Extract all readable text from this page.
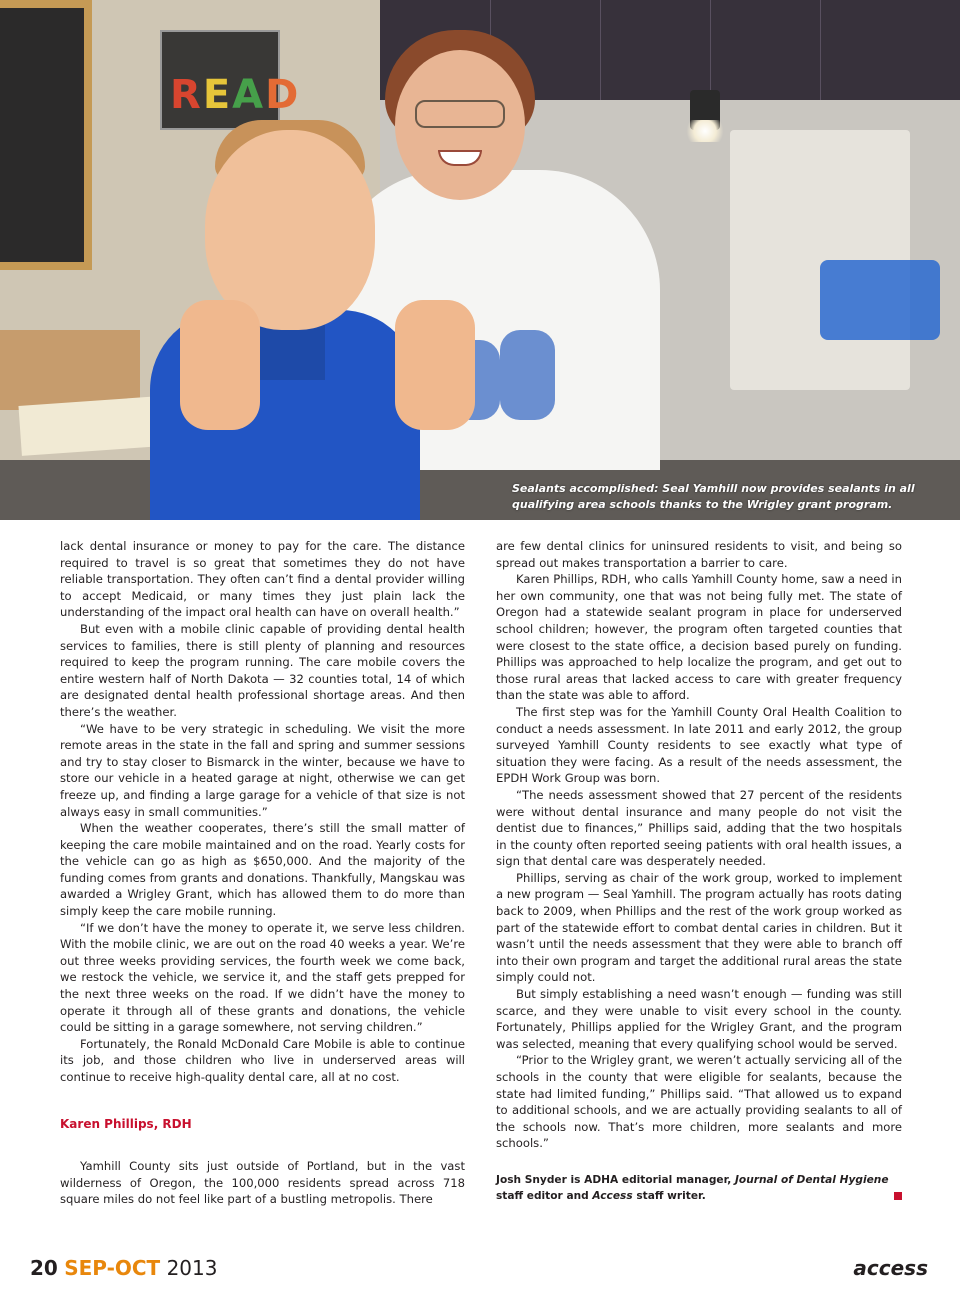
READ
Sealants accomplished: Seal Yamhill now provides sealants in all qualifying area schools thanks to the Wrigley grant program.

lack dental insurance or money to pay for the care. The distance required to travel is so great that sometimes they do not have reliable transportation. They often can’t find a dental provider willing to accept Medicaid, or many times they just plain lack the understanding of the impact oral health can have on overall health.”

But even with a mobile clinic capable of providing dental health services to families, there is still plenty of planning and resources required to keep the program running. The care mobile covers the entire western half of North Dakota — 32 counties total, 14 of which are designated dental health professional shortage areas. And then there’s the weather.

“We have to be very strategic in scheduling. We visit the more remote areas in the state in the fall and spring and summer sessions and try to stay closer to Bismarck in the winter, because we have to store our vehicle in a heated garage at night, otherwise we can get freeze up, and finding a large garage for a vehicle of that size is not always easy in small communities.”

When the weather cooperates, there’s still the small matter of keeping the care mobile maintained and on the road. Yearly costs for the vehicle can go as high as $650,000. And the majority of the funding comes from grants and donations. Thankfully, Mangskau was awarded a Wrigley Grant, which has allowed them to do more than simply keep the care mobile running.

“If we don’t have the money to operate it, we serve less children. With the mobile clinic, we are out on the road 40 weeks a year. We’re out three weeks providing services, the fourth week we come back, we restock the vehicle, we service it, and the staff gets prepped for the next three weeks on the road. If we didn’t have the money to operate it through all of these grants and donations, the vehicle could be sitting in a garage somewhere, not serving children.”

Fortunately, the Ronald McDonald Care Mobile is able to continue its job, and those children who live in underserved areas will continue to receive high-quality dental care, all at no cost.

Karen Phillips, RDH

Yamhill County sits just outside of Portland, but in the vast wilderness of Oregon, the 100,000 residents spread across 718 square miles do not feel like part of a bustling metropolis. There

are few dental clinics for uninsured residents to visit, and being so spread out makes transportation a barrier to care.

Karen Phillips, RDH, who calls Yamhill County home, saw a need in her own community, one that was not being fully met. The state of Oregon had a statewide sealant program in place for underserved school children; however, the program often targeted counties that were closest to the state office, a decision based purely on funding. Phillips was approached to help localize the program, and get out to those rural areas that lacked access to care with greater frequency than the state was able to afford.

The first step was for the Yamhill County Oral Health Coalition to conduct a needs assessment. In late 2011 and early 2012, the group surveyed Yamhill County residents to see exactly what type of situation they were facing. As a result of the needs assessment, the EPDH Work Group was born.

“The needs assessment showed that 27 percent of the residents were without dental insurance and many people do not visit the dentist due to finances,” Phillips said, adding that the two hospitals in the county often reported seeing patients with oral health issues, a sign that dental care was desperately needed.

Phillips, serving as chair of the work group, worked to implement a new program — Seal Yamhill. The program actually has roots dating back to 2009, when Phillips and the rest of the work group worked as part of the statewide effort to combat dental caries in children. But it wasn’t until the needs assessment that they were able to branch off into their own program and target the additional rural areas the state simply could not.

But simply establishing a need wasn’t enough — funding was still scarce, and they were unable to visit every school in the county. Fortunately, Phillips applied for the Wrigley Grant, and the program was selected, meaning that every qualifying school would be served.

“Prior to the Wrigley grant, we weren’t actually servicing all of the schools in the county that were eligible for sealants, because the state had limited funding,” Phillips said. “That allowed us to expand to additional schools, and we are actually providing sealants to all of the schools now. That’s more children, more sealants and more schools.”

Josh Snyder is ADHA editorial manager, Journal of Dental Hygiene staff editor and Access staff writer.

20 SEP-OCT 2013	access
